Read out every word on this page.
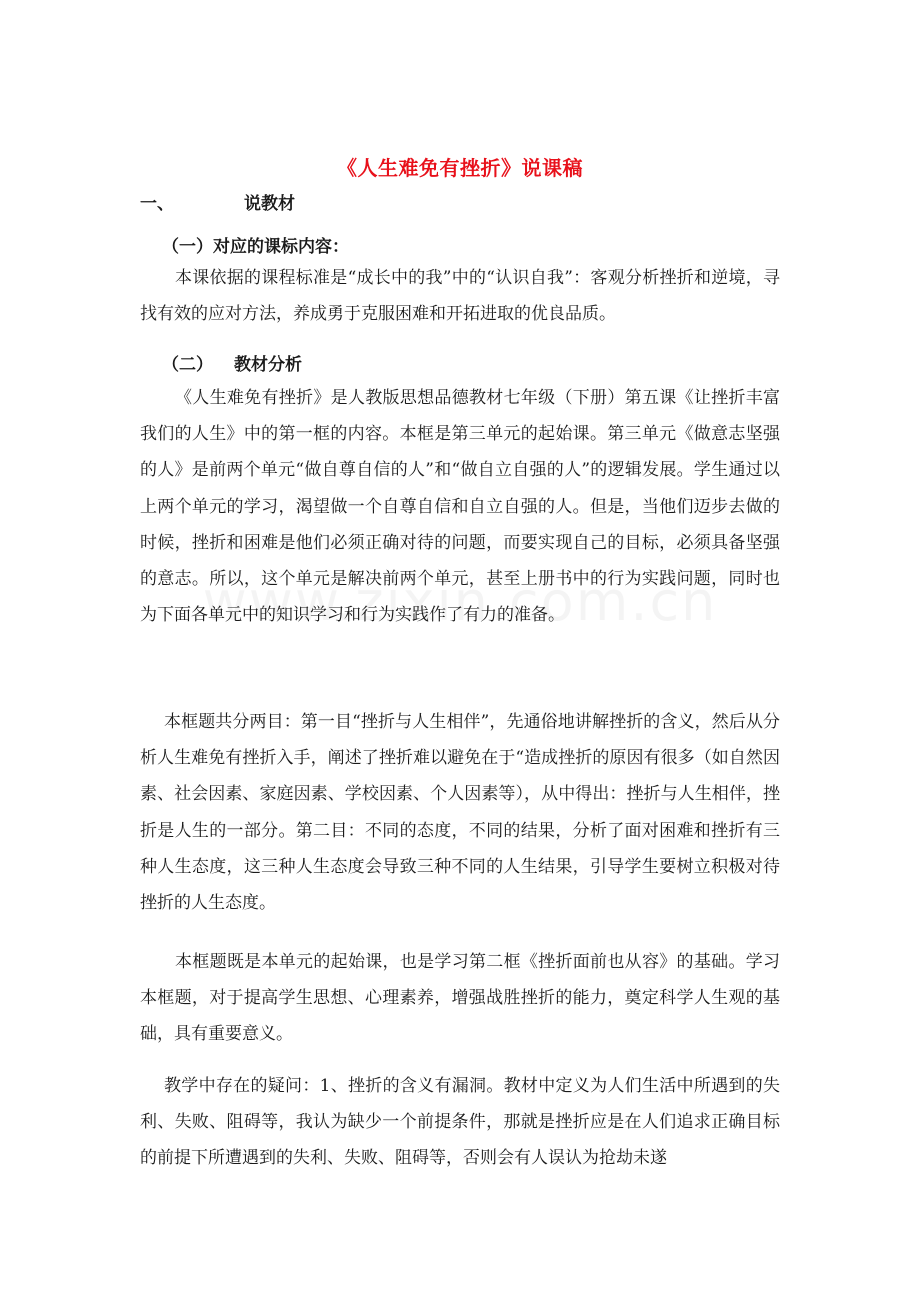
《人生难免有挫折》说课稿
一、	说教材
（一）对应的课标内容：

本课依据的课程标准是“成长中的我”中的“认识自我”：客观分析挫折和逆境，寻找有效的应对方法，养成勇于克服困难和开拓进取的优良品质。

（二） 教材分析

《人生难免有挫折》是人教版思想品德教材七年级（下册）第五课《让挫折丰富我们的人生》中的第一框的内容。本框是第三单元的起始课。第三单元《做意志坚强的人》是前两个单元“做自尊自信的人”和“做自立自强的人”的逻辑发展。学生通过以上两个单元的学习，渴望做一个自尊自信和自立自强的人。但是，当他们迈步去做的时候，挫折和困难是他们必须正确对待的问题，而要实现自己的目标，必须具备坚强的意志。所以，这个单元是解决前两个单元，甚至上册书中的行为实践问题，同时也为下面各单元中的知识学习和行为实践作了有力的准备。

本框题共分两目：第一目“挫折与人生相伴”，先通俗地讲解挫折的含义，然后从分析人生难免有挫折入手，阐述了挫折难以避免在于“造成挫折的原因有很多（如自然因素、社会因素、家庭因素、学校因素、个人因素等），从中得出：挫折与人生相伴，挫折是人生的一部分。第二目：不同的态度，不同的结果，分析了面对困难和挫折有三种人生态度，这三种人生态度会导致三种不同的人生结果，引导学生要树立积极对待挫折的人生态度。

本框题既是本单元的起始课，也是学习第二框《挫折面前也从容》的基础。学习本框题，对于提高学生思想、心理素养，增强战胜挫折的能力，奠定科学人生观的基础，具有重要意义。

教学中存在的疑问：1、挫折的含义有漏洞。教材中定义为人们生活中所遇到的失利、失败、阻碍等，我认为缺少一个前提条件，那就是挫折应是在人们追求正确目标的前提下所遭遇到的失利、失败、阻碍等，否则会有人误认为抢劫未遂
